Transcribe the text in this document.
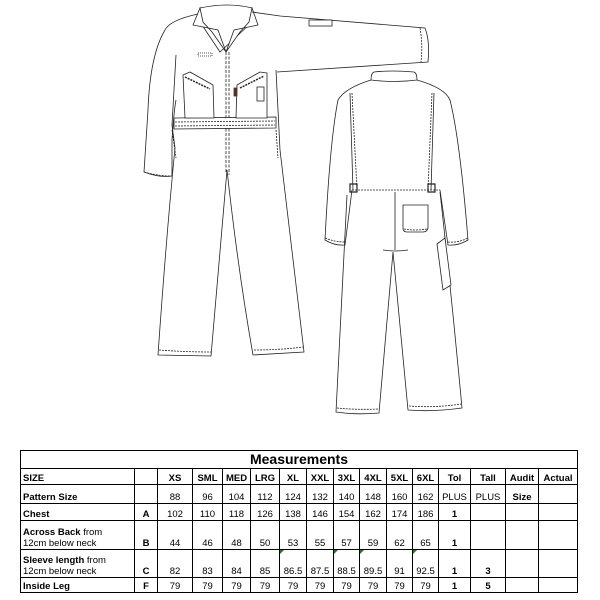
Measurements															
SIZE		XS	SML	MED	LRG	XL	XXL	3XL	4XL	5XL	6XL	Tol	Tall	Audit	Actual
Pattern Size		88	96	104	112	124	132	140	148	160	162	PLUS	PLUS	Size	
Chest	A	102	110	118	126	138	146	154	162	174	186	1			
Across Back from
12cm below neck	B	44	46	48	50	53	55	57	59	62	65	1			
Sleeve length from
12cm below neck	C	82	83	84	85	86.5	87.5	88.5	89.5	91	92.5	1	3		
Inside Leg	F	79	79	79	79	79	79	79	79	79	79	1	5		
